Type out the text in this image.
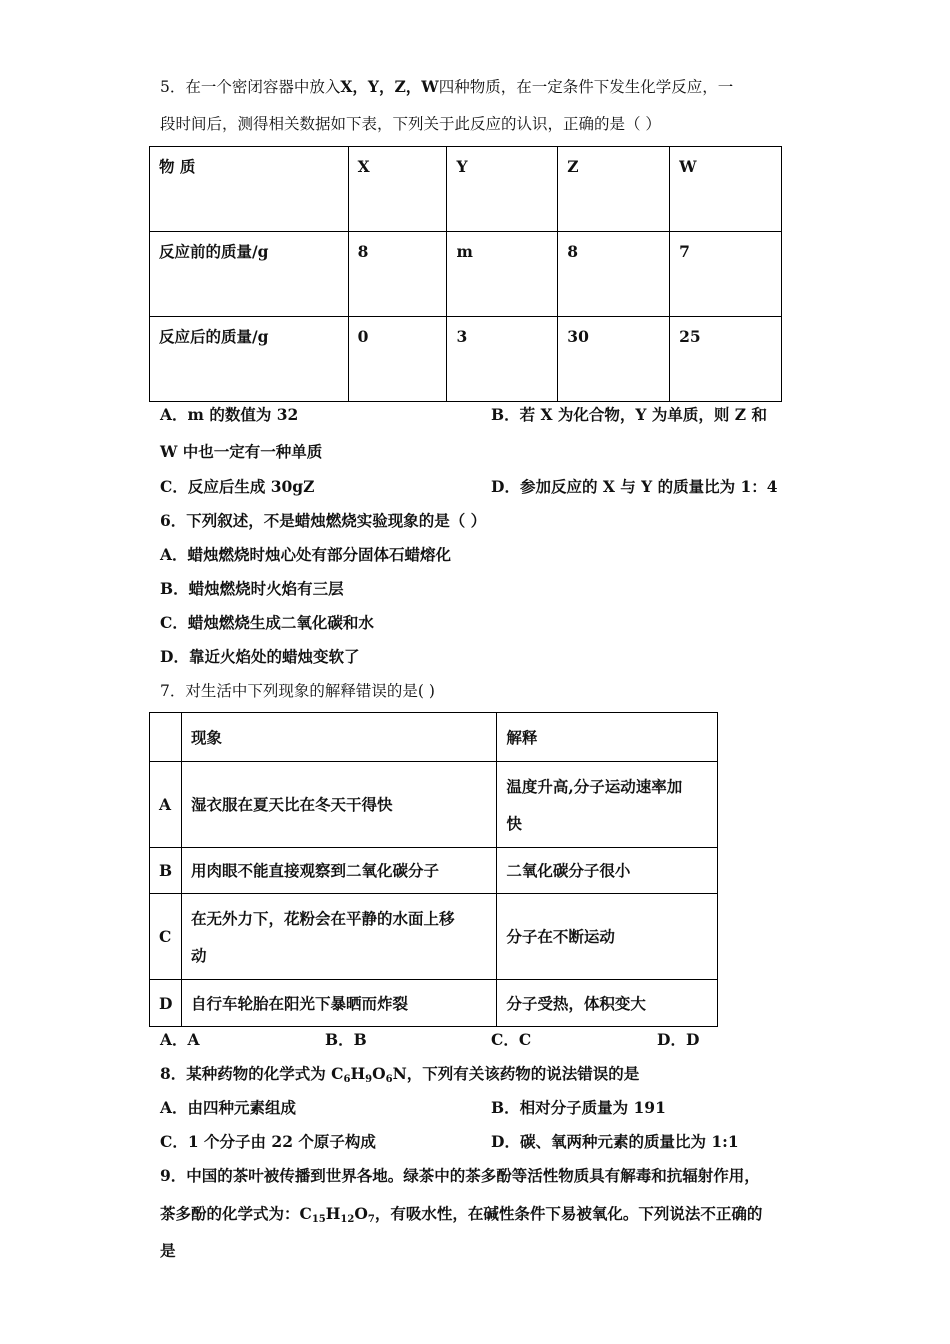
5．在一个密闭容器中放入X，Y，Z，W四种物质，在一定条件下发生化学反应，一
段时间后，测得相关数据如下表，下列关于此反应的认识，正确的是（ ）
物 质	X	Y	Z	W

反应前的质量/g	8	m	8	7

反应后的质量/g	0	3	30	25
A．m 的数值为 32	B．若 X 为化合物，Y 为单质，则 Z 和
W 中也一定有一种单质
C．反应后生成 30gZ	D．参加反应的 X 与 Y 的质量比为 1：4
6．下列叙述，不是蜡烛燃烧实验现象的是（ ）
A．蜡烛燃烧时烛心处有部分固体石蜡熔化
B．蜡烛燃烧时火焰有三层
C．蜡烛燃烧生成二氧化碳和水
D．靠近火焰处的蜡烛变软了
7．对生活中下列现象的解释错误的是( )

	现象	解释

A	湿衣服在夏天比在冬天干得快	温度升高,分子运动速率加
快

B	用肉眼不能直接观察到二氧化碳分子	二氧化碳分子很小

C	在无外力下，花粉会在平静的水面上移
动	分子在不断运动

D	自行车轮胎在阳光下暴晒而炸裂	分子受热，体积变大
A．A	B．B	C．C	D．D
8．某种药物的化学式为 $C_6H_9O_6N$，下列有关该药物的说法错误的是
A．由四种元素组成	B．相对分子质量为 191
C．1 个分子由 22 个原子构成	D．碳、氧两种元素的质量比为 1:1
9．中国的茶叶被传播到世界各地。绿茶中的茶多酚等活性物质具有解毒和抗辐射作用，
茶多酚的化学式为：$C_{15}H_{12}O_7$，有吸水性，在碱性条件下易被氧化。下列说法不正确的
是
